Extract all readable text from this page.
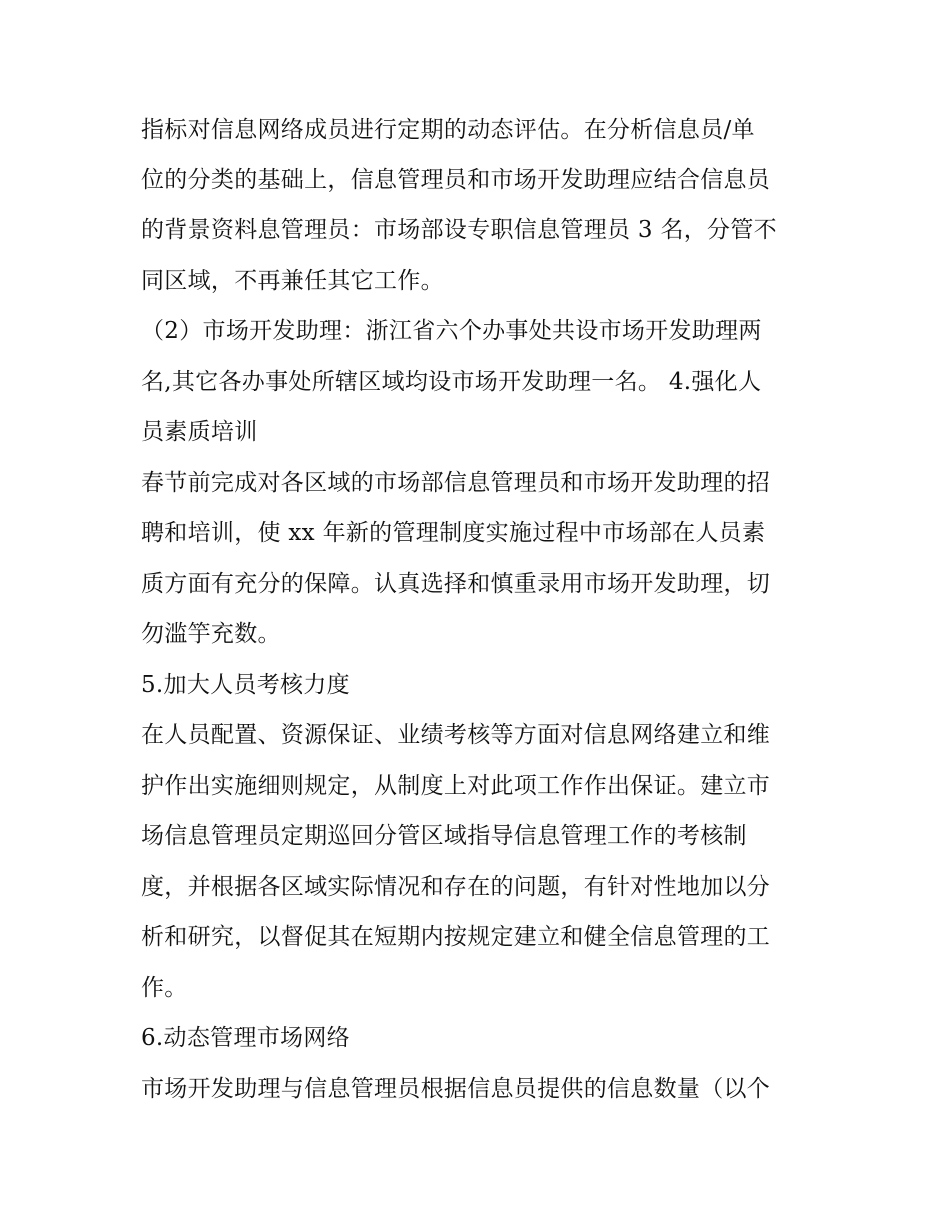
指标对信息网络成员进行定期的动态评估。在分析信息员/单
位的分类的基础上，信息管理员和市场开发助理应结合信息员
的背景资料息管理员：市场部设专职信息管理员 3 名，分管不
同区域，不再兼任其它工作。
（2）市场开发助理：浙江省六个办事处共设市场开发助理两
名,其它各办事处所辖区域均设市场开发助理一名。 4.强化人
员素质培训
春节前完成对各区域的市场部信息管理员和市场开发助理的招
聘和培训，使 xx 年新的管理制度实施过程中市场部在人员素
质方面有充分的保障。认真选择和慎重录用市场开发助理，切
勿滥竽充数。
5.加大人员考核力度
在人员配置、资源保证、业绩考核等方面对信息网络建立和维
护作出实施细则规定，从制度上对此项工作作出保证。建立市
场信息管理员定期巡回分管区域指导信息管理工作的考核制
度，并根据各区域实际情况和存在的问题，有针对性地加以分
析和研究，以督促其在短期内按规定建立和健全信息管理的工
作。
6.动态管理市场网络
市场开发助理与信息管理员根据信息员提供的信息数量（以个
